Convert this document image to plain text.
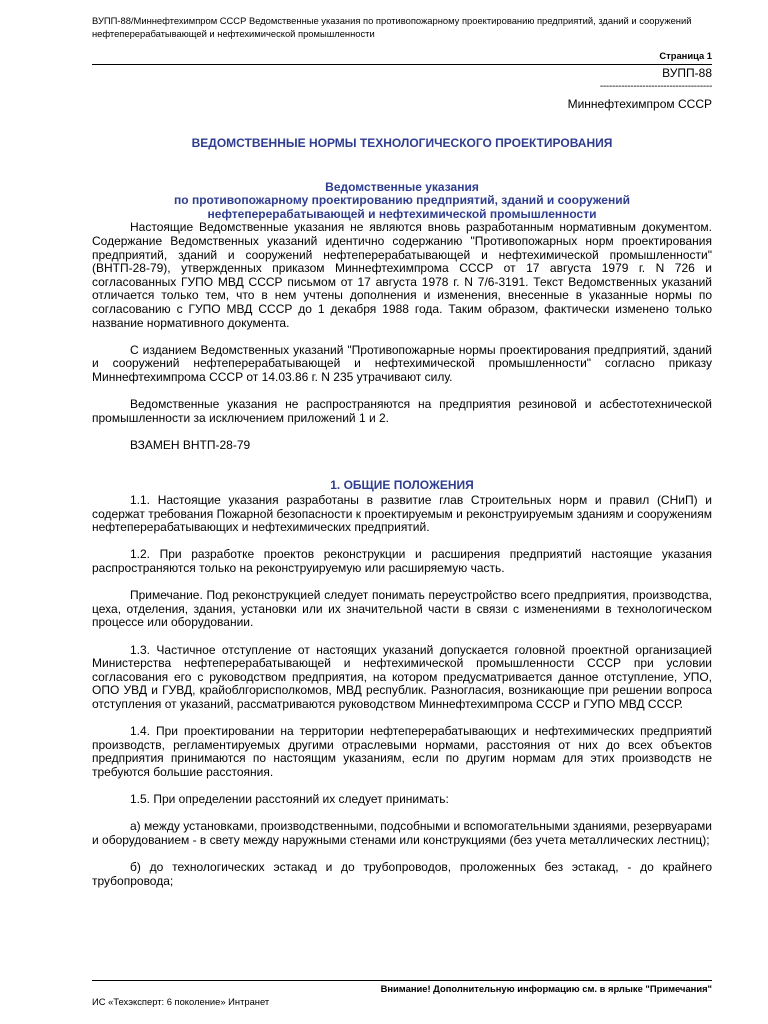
ВУПП-88/Миннефтехимпром СССР Ведомственные указания по противопожарному проектированию предприятий, зданий и сооружений нефтеперерабатывающей и нефтехимической промышленности
Страница 1
ВУПП-88
-------------------------------------
Миннефтехимпром СССР
ВЕДОМСТВЕННЫЕ НОРМЫ ТЕХНОЛОГИЧЕСКОГО ПРОЕКТИРОВАНИЯ
Ведомственные указания
по противопожарному проектированию предприятий, зданий и сооружений
нефтеперерабатывающей и нефтехимической промышленности

Настоящие Ведомственные указания не являются вновь разработанным нормативным документом. Содержание Ведомственных указаний идентично содержанию "Противопожарных норм проектирования предприятий, зданий и сооружений нефтеперерабатывающей и нефтехимической промышленности" (ВНТП-28-79), утвержденных приказом Миннефтехимпрома СССР от 17 августа 1979 г. N 726 и согласованных ГУПО МВД СССР письмом от 17 августа 1978 г. N 7/6-3191. Текст Ведомственных указаний отличается только тем, что в нем учтены дополнения и изменения, внесенные в указанные нормы по согласованию с ГУПО МВД СССР до 1 декабря 1988 года. Таким образом, фактически изменено только название нормативного документа.

С изданием Ведомственных указаний "Противопожарные нормы проектирования предприятий, зданий и сооружений нефтеперерабатывающей и нефтехимической промышленности" согласно приказу Миннефтехимпрома СССР от 14.03.86 г. N 235 утрачивают силу.

Ведомственные указания не распространяются на предприятия резиновой и асбестотехнической промышленности за исключением приложений 1 и 2.

ВЗАМЕН ВНТП-28-79

1. ОБЩИЕ ПОЛОЖЕНИЯ

1.1. Настоящие указания разработаны в развитие глав Строительных норм и правил (СНиП) и содержат требования Пожарной безопасности к проектируемым и реконструируемым зданиям и сооружениям нефтеперерабатывающих и нефтехимических предприятий.

1.2. При разработке проектов реконструкции и расширения предприятий настоящие указания распространяются только на реконструируемую или расширяемую часть.

Примечание. Под реконструкцией следует понимать переустройство всего предприятия, производства, цеха, отделения, здания, установки или их значительной части в связи с изменениями в технологическом процессе или оборудовании.

1.3. Частичное отступление от настоящих указаний допускается головной проектной организацией Министерства нефтеперерабатывающей и нефтехимической промышленности СССР при условии согласования его с руководством предприятия, на котором предусматривается данное отступление, УПО, ОПО УВД и ГУВД, крайоблгорисполкомов, МВД республик. Разногласия, возникающие при решении вопроса отступления от указаний, рассматриваются руководством Миннефтехимпрома СССР и ГУПО МВД СССР.

1.4. При проектировании на территории нефтеперерабатывающих и нефтехимических предприятий производств, регламентируемых другими отраслевыми нормами, расстояния от них до всех объектов предприятия принимаются по настоящим указаниям, если по другим нормам для этих производств не требуются большие расстояния.

1.5. При определении расстояний их следует принимать:

а) между установками, производственными, подсобными и вспомогательными зданиями, резервуарами и оборудованием - в свету между наружными стенами или конструкциями (без учета металлических лестниц);

б) до технологических эстакад и до трубопроводов, проложенных без эстакад, - до крайнего трубопровода;

Внимание! Дополнительную информацию см. в ярлыке "Примечания"
ИС «Техэксперт: 6 поколение» Интранет
